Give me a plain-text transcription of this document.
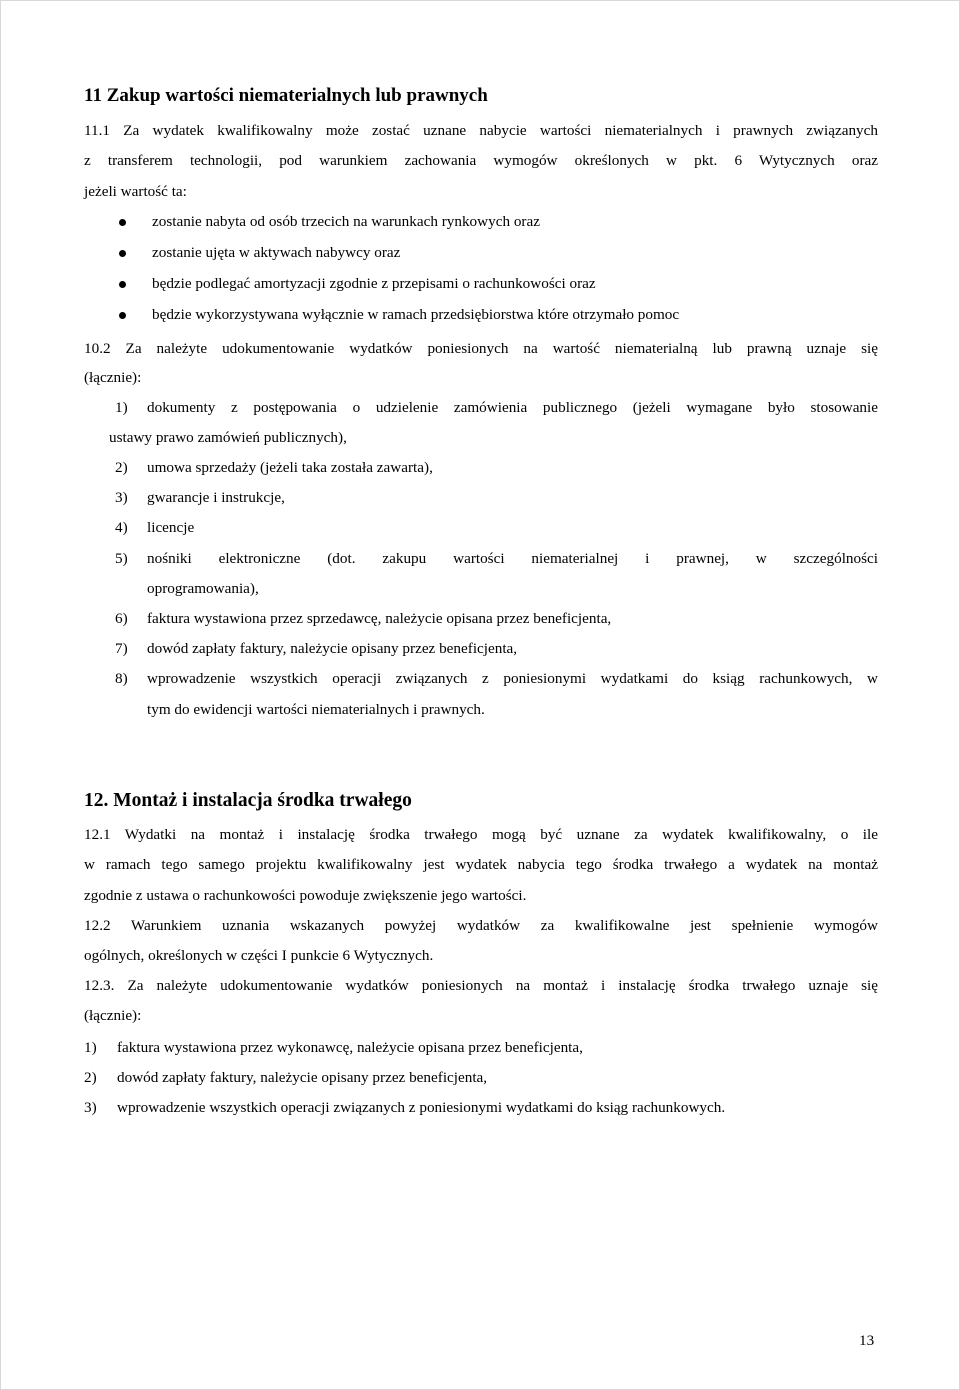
11 Zakup wartości niematerialnych lub prawnych
11.1 Za wydatek kwalifikowalny może zostać uznane nabycie wartości niematerialnych i prawnych związanych
z transferem technologii, pod warunkiem zachowania wymogów określonych w pkt. 6 Wytycznych oraz
jeżeli wartość ta:
zostanie nabyta od osób trzecich na warunkach rynkowych oraz
zostanie ujęta w aktywach nabywcy oraz
będzie podlegać amortyzacji zgodnie z przepisami o rachunkowości oraz
będzie wykorzystywana wyłącznie w ramach przedsiębiorstwa które otrzymało pomoc
10.2 Za należyte udokumentowanie wydatków poniesionych na wartość niematerialną lub prawną uznaje się
(łącznie):
1) dokumenty z postępowania o udzielenie zamówienia publicznego (jeżeli wymagane było stosowanie
ustawy prawo zamówień publicznych),
2) umowa sprzedaży (jeżeli taka została zawarta),
3) gwarancje i instrukcje,
4) licencje
5) nośniki elektroniczne (dot. zakupu wartości niematerialnej i prawnej, w szczególności
oprogramowania),
6) faktura wystawiona przez sprzedawcę, należycie opisana przez beneficjenta,
7) dowód zapłaty faktury, należycie opisany przez beneficjenta,
8) wprowadzenie wszystkich operacji związanych z poniesionymi wydatkami do ksiąg rachunkowych, w
tym do ewidencji wartości niematerialnych i prawnych.
12. Montaż i instalacja środka trwałego
12.1 Wydatki na montaż i instalację środka trwałego mogą być uznane za wydatek kwalifikowalny, o ile
w ramach tego samego projektu kwalifikowalny jest wydatek nabycia tego środka trwałego a wydatek na montaż
zgodnie z ustawa o rachunkowości powoduje zwiększenie jego wartości.
12.2 Warunkiem uznania wskazanych powyżej wydatków za kwalifikowalne jest spełnienie wymogów
ogólnych, określonych w części I punkcie 6 Wytycznych.
12.3. Za należyte udokumentowanie wydatków poniesionych na montaż i instalację środka trwałego uznaje się
(łącznie):
1) faktura wystawiona przez wykonawcę, należycie opisana przez beneficjenta,
2) dowód zapłaty faktury, należycie opisany przez beneficjenta,
3) wprowadzenie wszystkich operacji związanych z poniesionymi wydatkami do ksiąg rachunkowych.
13
